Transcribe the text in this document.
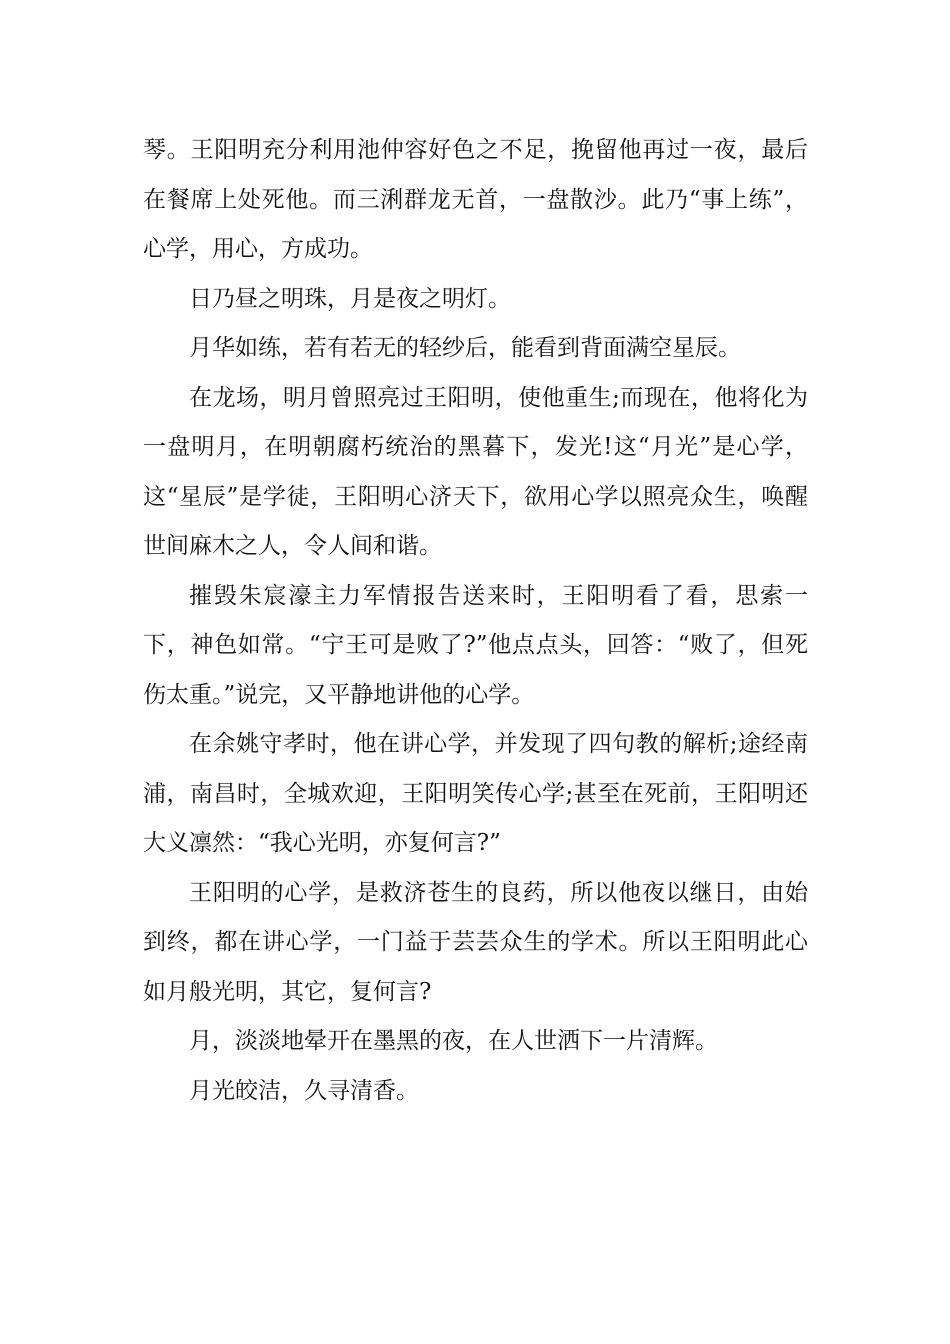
琴。王阳明充分利用池仲容好色之不足，挽留他再过一夜，最后在餐席上处死他。而三浰群龙无首，一盘散沙。此乃“事上练”，心学，用心，方成功。

日乃昼之明珠，月是夜之明灯。

月华如练，若有若无的轻纱后，能看到背面满空星辰。

在龙场，明月曾照亮过王阳明，使他重生;而现在，他将化为一盘明月，在明朝腐朽统治的黑暮下，发光!这“月光”是心学，这“星辰”是学徒，王阳明心济天下，欲用心学以照亮众生，唤醒世间麻木之人，令人间和谐。

摧毁朱宸濠主力军情报告送来时，王阳明看了看，思索一下，神色如常。“宁王可是败了?”他点点头，回答：“败了，但死伤太重。”说完，又平静地讲他的心学。

在余姚守孝时，他在讲心学，并发现了四句教的解析;途经南浦，南昌时，全城欢迎，王阳明笑传心学;甚至在死前，王阳明还大义凛然：“我心光明，亦复何言?”

王阳明的心学，是救济苍生的良药，所以他夜以继日，由始到终，都在讲心学，一门益于芸芸众生的学术。所以王阳明此心如月般光明，其它，复何言?

月，淡淡地晕开在墨黑的夜，在人世洒下一片清辉。

月光皎洁，久寻清香。
